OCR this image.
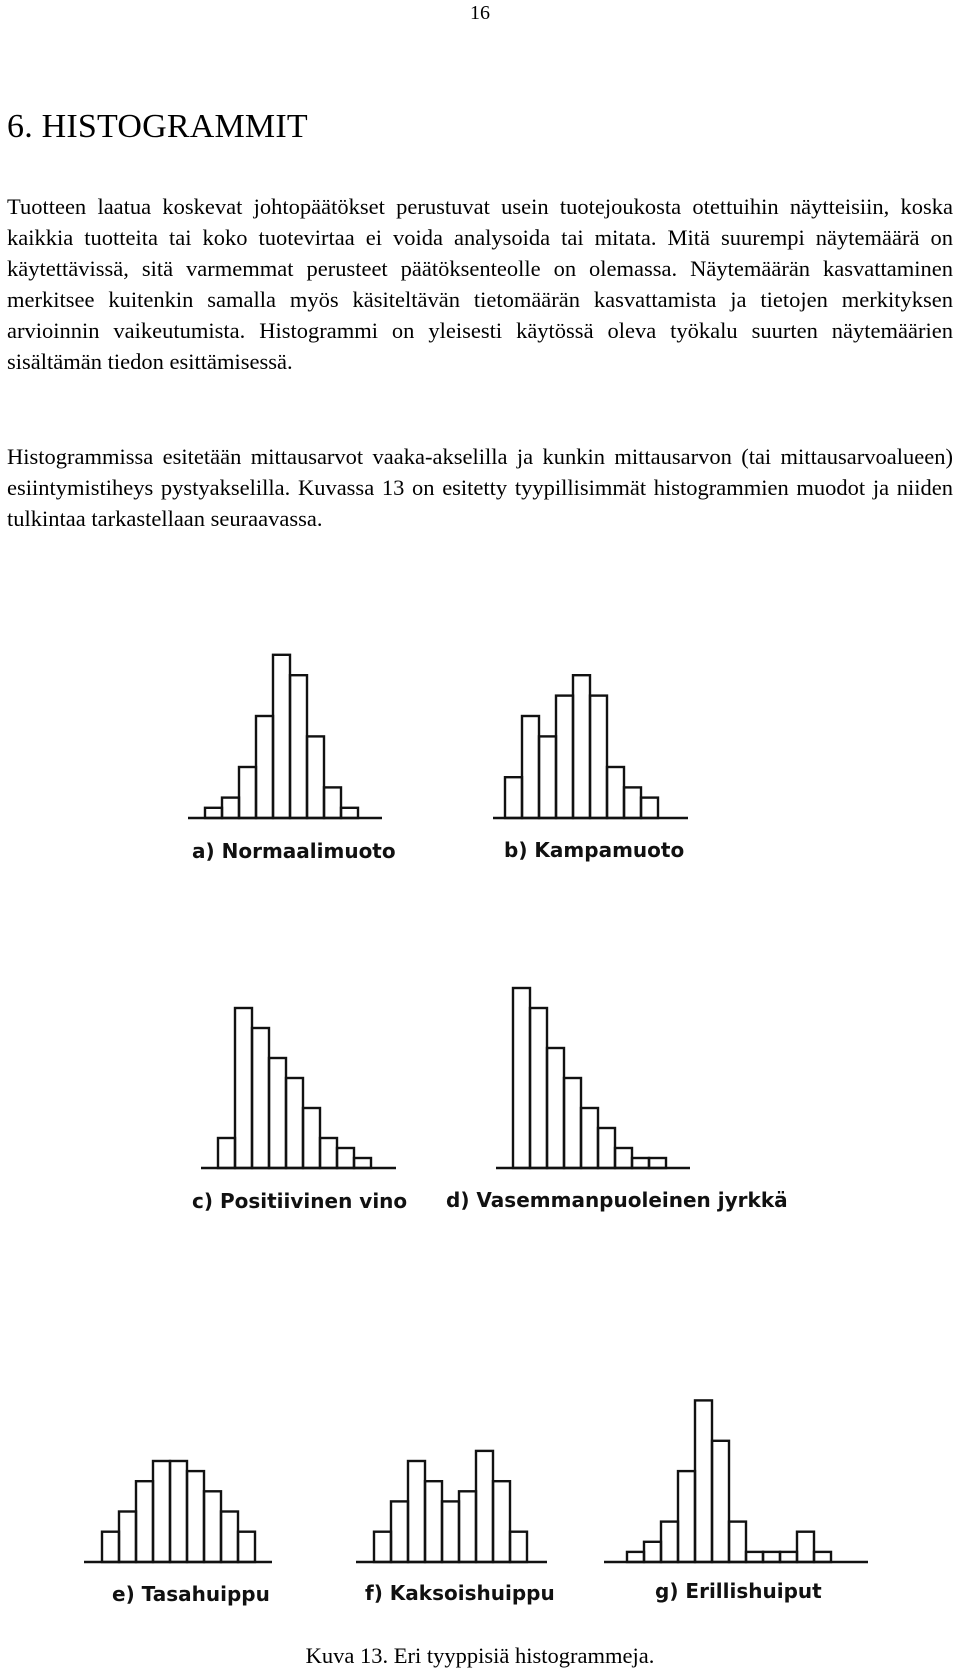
16
6. HISTOGRAMMIT

Tuotteen laatua koskevat johtopäätökset perustuvat usein tuotejoukosta otettuihin näytteisiin, koska kaikkia tuotteita tai koko tuotevirtaa ei voida analysoida tai mitata. Mitä suurempi näytemäärä on käytettävissä, sitä varmemmat perusteet päätöksenteolle on olemassa. Näytemäärän kasvattaminen merkitsee kuitenkin samalla myös käsiteltävän tietomäärän kasvattamista ja tietojen merkityksen arvioinnin vaikeutumista. Histogrammi on yleisesti käytössä oleva työkalu suurten näytemäärien sisältämän tiedon esittämisessä.

Histogrammissa esitetään mittausarvot vaaka-akselilla ja kunkin mittausarvon (tai mittausarvoalueen) esiintymistiheys pystyakselilla. Kuvassa 13 on esitetty tyypillisimmät histogrammien muodot ja niiden tulkintaa tarkastellaan seuraavassa.

a) Normaalimuoto	b) Kampamuoto
c) Positiivinen vino d) Vasemmanpuoleinen jyrkkä
e) Tasahuippu	f) Kaksoishuippu	g) Erillishuiput
Kuva 13. Eri tyyppisiä histogrammeja.
